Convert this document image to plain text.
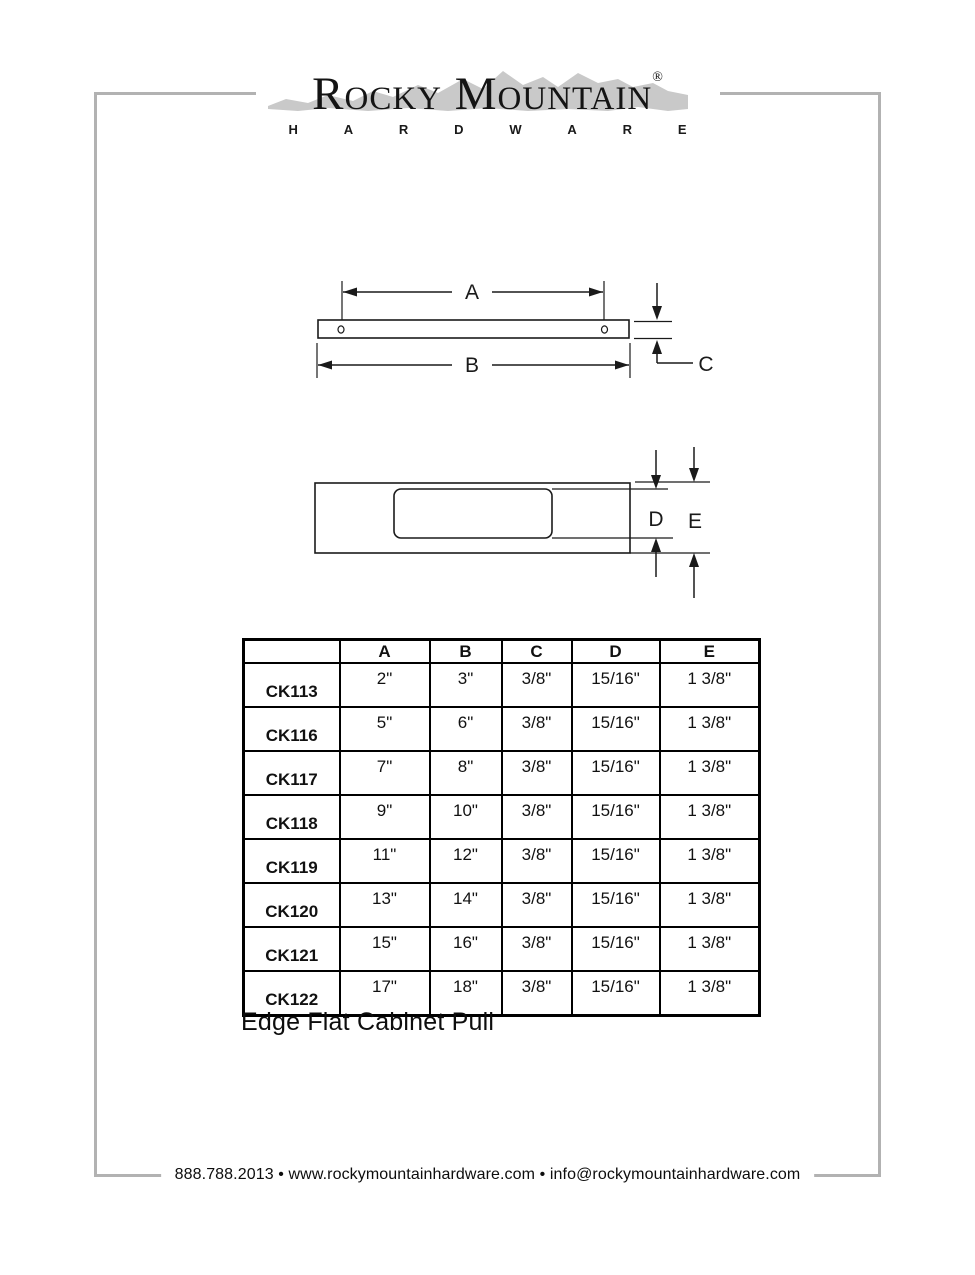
Rocky Mountain®
H	A	R	D	W	A	R	E
A
B	C
D E
	A	B	C	D	E
CK113	2"	3"	3/8"	15/16"	1 3/8"
CK116	5"	6"	3/8"	15/16"	1 3/8"
CK117	7"	8"	3/8"	15/16"	1 3/8"
CK118	9"	10"	3/8"	15/16"	1 3/8"
CK119	11"	12"	3/8"	15/16"	1 3/8"
CK120	13"	14"	3/8"	15/16"	1 3/8"
CK121	15"	16"	3/8"	15/16"	1 3/8"
CK122	17"	18"	3/8"	15/16"	1 3/8"
Edge Flat Cabinet Pull
888.788.2013 • www.rockymountainhardware.com • info@rockymountainhardware.com
